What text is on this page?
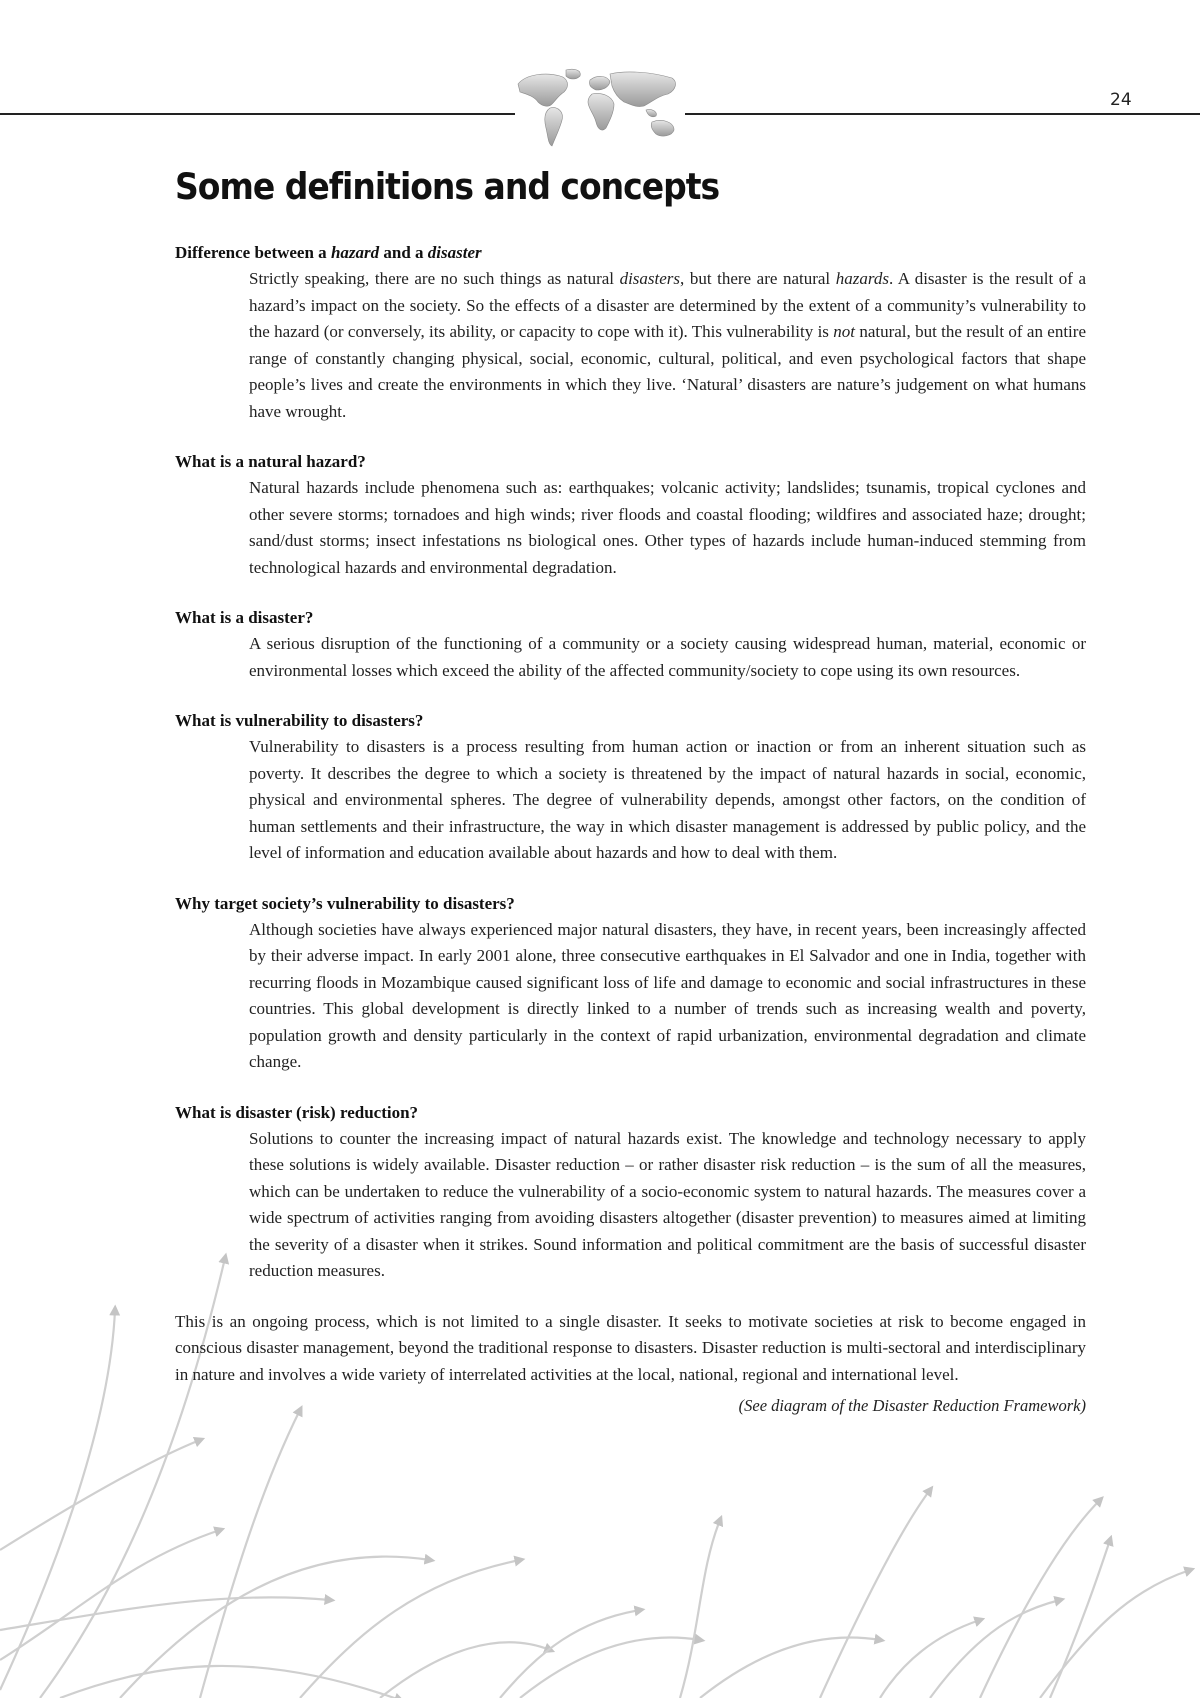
24
Some definitions and concepts
Difference between a hazard and a disaster

Strictly speaking, there are no such things as natural disasters, but there are natural hazards. A disaster is the result of a hazard’s impact on the society. So the effects of a disaster are determined by the extent of a community’s vulnerability to the hazard (or conversely, its ability, or capacity to cope with it). This vulnerability is not natural, but the result of an entire range of constantly changing physical, social, economic, cultural, political, and even psychological factors that shape people’s lives and create the environments in which they live. ‘Natural’ disasters are nature’s judgement on what humans have wrought.

What is a natural hazard?

Natural hazards include phenomena such as: earthquakes; volcanic activity; landslides; tsunamis, tropical cyclones and other severe storms; tornadoes and high winds; river floods and coastal flooding; wildfires and associated haze; drought; sand/dust storms; insect infestations ns biological ones. Other types of hazards include human-induced stemming from technological hazards and environmental degradation.

What is a disaster?

A serious disruption of the functioning of a community or a society causing widespread human, material, economic or environmental losses which exceed the ability of the affected community/society to cope using its own resources.

What is vulnerability to disasters?

Vulnerability to disasters is a process resulting from human action or inaction or from an inherent situation such as poverty. It describes the degree to which a society is threatened by the impact of natural hazards in social, economic, physical and environmental spheres. The degree of vulnerability depends, amongst other factors, on the condition of human settlements and their infrastructure, the way in which disaster management is addressed by public policy, and the level of information and education available about hazards and how to deal with them.

Why target society’s vulnerability to disasters?

Although societies have always experienced major natural disasters, they have, in recent years, been increasingly affected by their adverse impact. In early 2001 alone, three consecutive earthquakes in El Salvador and one in India, together with recurring floods in Mozambique caused significant loss of life and damage to economic and social infrastructures in these countries. This global development is directly linked to a number of trends such as increasing wealth and poverty, population growth and density particularly in the context of rapid urbanization, environmental degradation and climate change.

What is disaster (risk) reduction?

Solutions to counter the increasing impact of natural hazards exist. The knowledge and technology necessary to apply these solutions is widely available. Disaster reduction – or rather disaster risk reduction – is the sum of all the measures, which can be undertaken to reduce the vulnerability of a socio-economic system to natural hazards. The measures cover a wide spectrum of activities ranging from avoiding disasters altogether (disaster prevention) to measures aimed at limiting the severity of a disaster when it strikes. Sound information and political commitment are the basis of successful disaster reduction measures.

This is an ongoing process, which is not limited to a single disaster. It seeks to motivate societies at risk to become engaged in conscious disaster management, beyond the traditional response to disasters. Disaster reduction is multi-sectoral and interdisciplinary in nature and involves a wide variety of interrelated activities at the local, national, regional and international level.

(See diagram of the Disaster Reduction Framework)
